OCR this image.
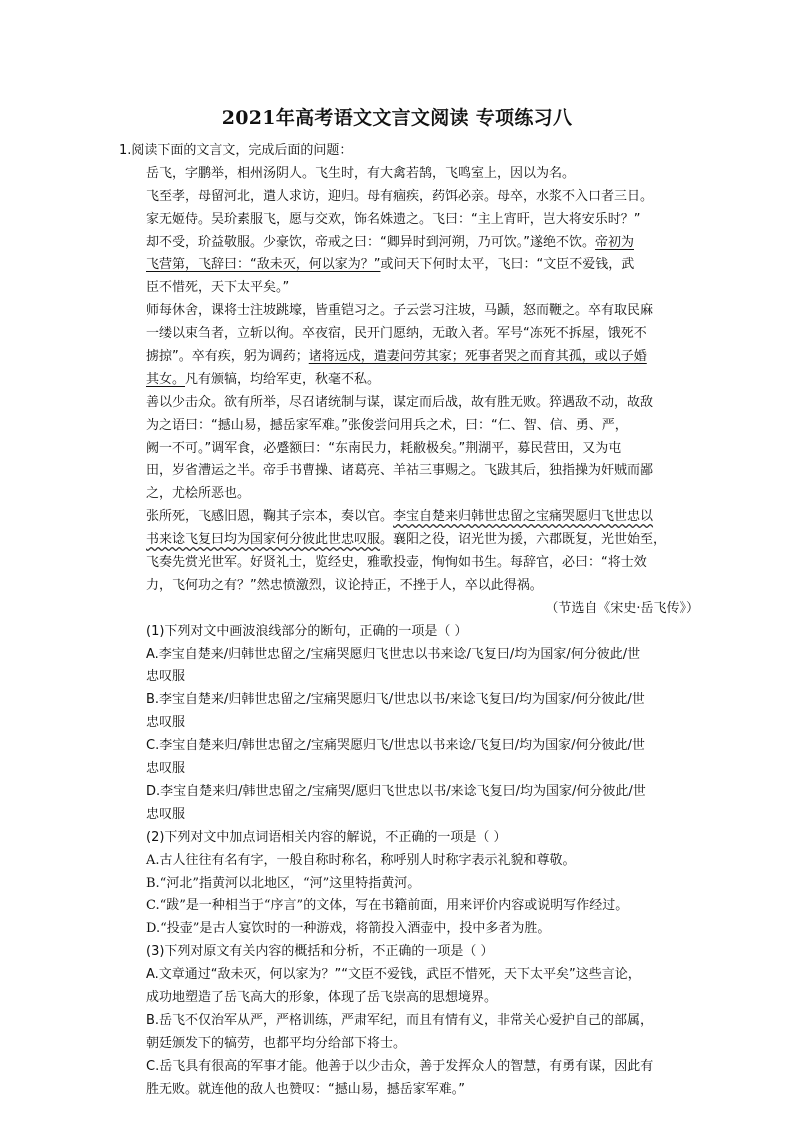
2021年高考语文文言文阅读 专项练习八
1.阅读下面的文言文，完成后面的问题：
岳飞，字鹏举，相州汤阴人。飞生时，有大禽若鹄，飞鸣室上，因以为名。
飞至孝，母留河北，遣人求访，迎归。母有痼疾，药饵必亲。母卒，水浆不入口者三日。
家无姬侍。吴玠素服飞，愿与交欢，饰名姝遗之。飞曰：“主上宵旰，岂大将安乐时？”
却不受，玠益敬服。少豪饮，帝戒之曰：“卿异时到河朔，乃可饮。”遂绝不饮。帝初为
飞营第，飞辞曰：“敌未灭，何以家为？”或问天下何时太平，飞曰：“文臣不爱钱，武
臣不惜死，天下太平矣。”
师每休舍，课将士注坡跳壕，皆重铠习之。子云尝习注坡，马踬，怒而鞭之。卒有取民麻
一缕以束刍者，立斩以徇。卒夜宿，民开门愿纳，无敢入者。军号“冻死不拆屋，饿死不
掳掠”。卒有疾，躬为调药；诸将远戍，遣妻问劳其家；死事者哭之而育其孤，或以子婚
其女。凡有颁犒，均给军吏，秋毫不私。
善以少击众。欲有所举，尽召诸统制与谋，谋定而后战，故有胜无败。猝遇敌不动，故敌
为之语曰：“撼山易，撼岳家军难。”张俊尝问用兵之术，曰：“仁、智、信、勇、严，
阙一不可。”调军食，必蹙额曰：“东南民力，耗敝极矣。”荆湖平，募民营田，又为屯
田，岁省漕运之半。帝手书曹操、诸葛亮、羊祜三事赐之。飞跋其后，独指操为奸贼而鄙
之，尤桧所恶也。
张所死，飞感旧恩，鞠其子宗本，奏以官。李宝自楚来归韩世忠留之宝痛哭愿归飞世忠以
书来谂飞复曰均为国家何分彼此世忠叹服。襄阳之役，诏光世为援，六郡既复，光世始至，
飞奏先赏光世军。好贤礼士，览经史，雅歌投壶，恂恂如书生。每辞官，必曰：“将士效
力，飞何功之有？”然忠愤激烈，议论持正，不挫于人，卒以此得祸。
（节选自《宋史·岳飞传》）
(1)下列对文中画波浪线部分的断句，正确的一项是（ ）
A.李宝自楚来/归韩世忠留之/宝痛哭愿归飞世忠以书来谂/飞复曰/均为国家/何分彼此/世
忠叹服
B.李宝自楚来/归韩世忠留之/宝痛哭愿归飞/世忠以书/来谂飞复曰/均为国家/何分彼此/世
忠叹服
C.李宝自楚来归/韩世忠留之/宝痛哭愿归飞/世忠以书来谂/飞复曰/均为国家/何分彼此/世
忠叹服
D.李宝自楚来归/韩世忠留之/宝痛哭/愿归飞世忠以书/来谂飞复曰/均为国家/何分彼此/世
忠叹服
(2)下列对文中加点词语相关内容的解说，不正确的一项是（ ）
A.古人往往有名有字，一般自称时称名，称呼别人时称字表示礼貌和尊敬。
B.“河北”指黄河以北地区，“河”这里特指黄河。
C.“跋”是一种相当于“序言”的文体，写在书籍前面，用来评价内容或说明写作经过。
D.“投壶”是古人宴饮时的一种游戏，将箭投入酒壶中，投中多者为胜。
(3)下列对原文有关内容的概括和分析，不正确的一项是（ ）
A.文章通过“敌未灭，何以家为？”“文臣不爱钱，武臣不惜死，天下太平矣”这些言论，
成功地塑造了岳飞高大的形象，体现了岳飞崇高的思想境界。
B.岳飞不仅治军从严，严格训练，严肃军纪，而且有情有义，非常关心爱护自己的部属，
朝廷颁发下的犒劳，也都平均分给部下将士。
C.岳飞具有很高的军事才能。他善于以少击众，善于发挥众人的智慧，有勇有谋，因此有
胜无败。就连他的敌人也赞叹：“撼山易，撼岳家军难。”
